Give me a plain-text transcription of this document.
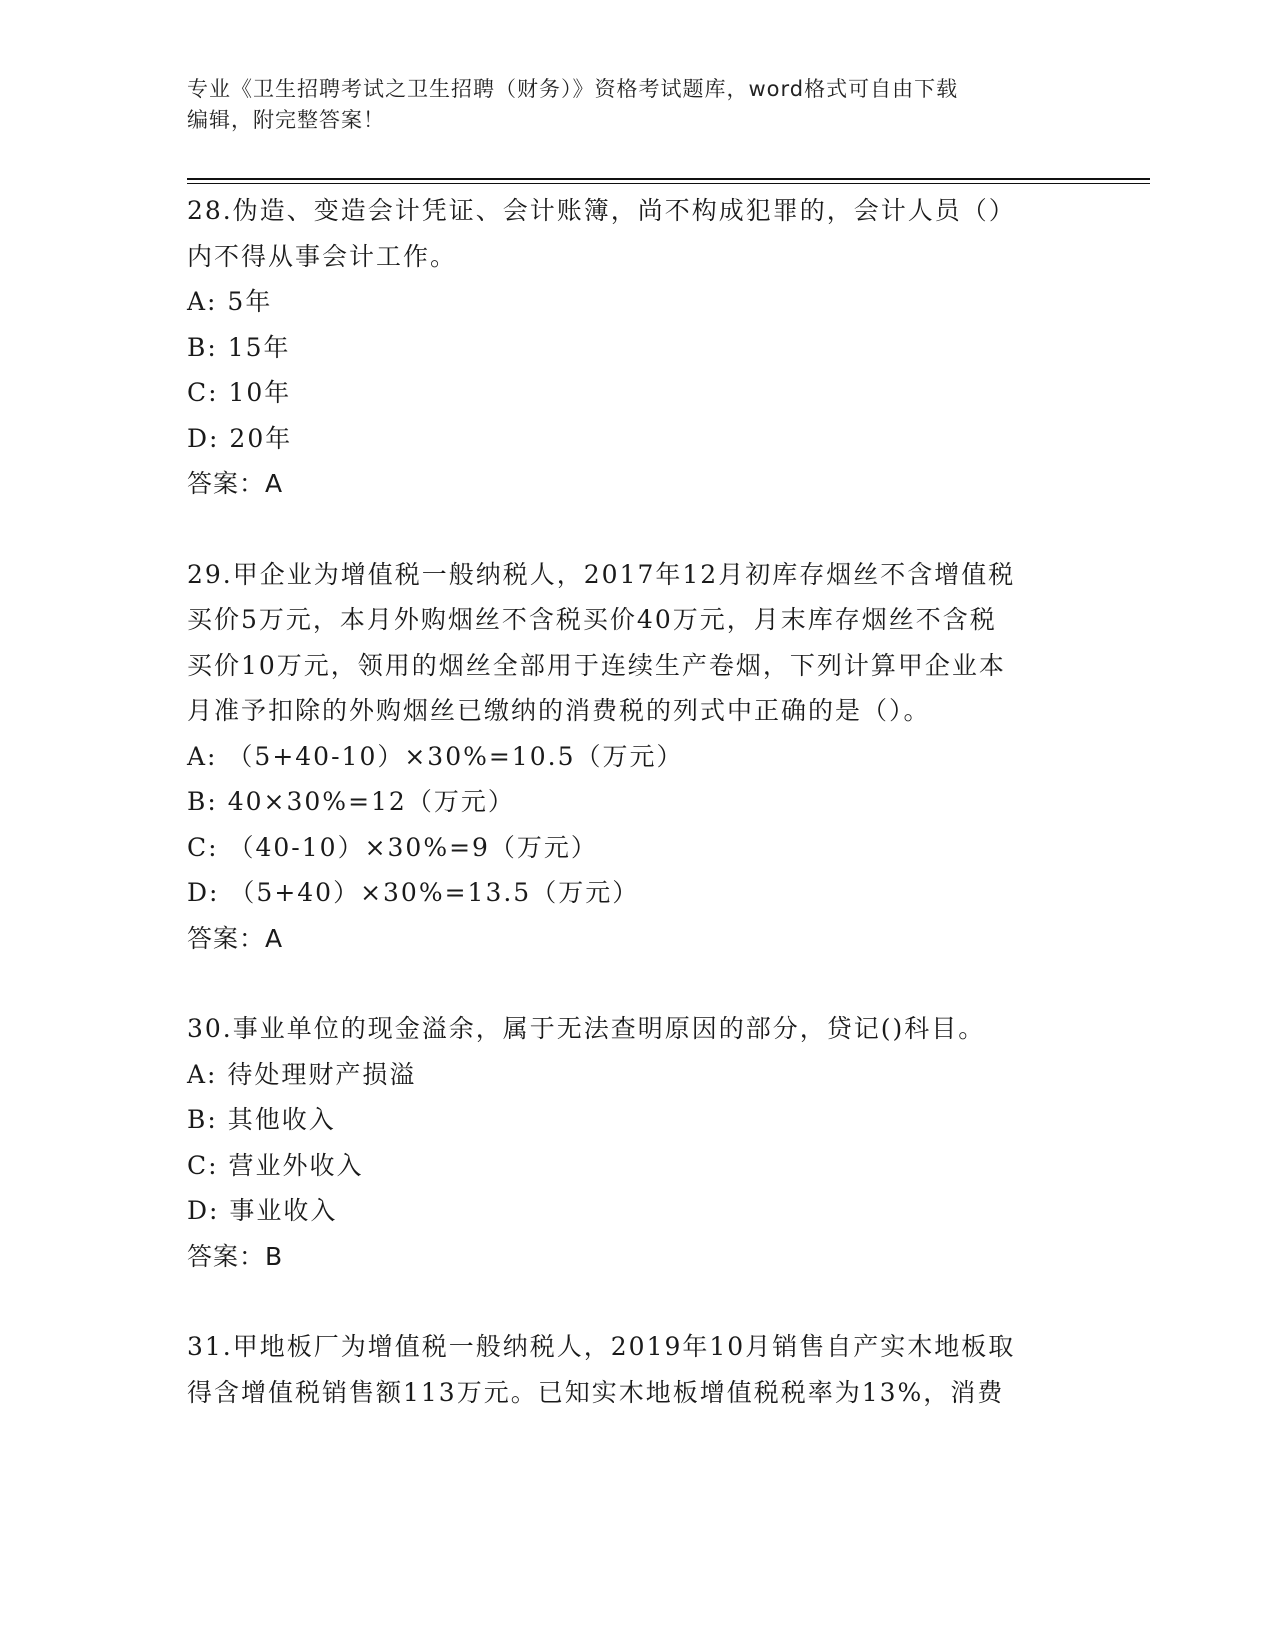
专业《卫生招聘考试之卫生招聘（财务）》资格考试题库，word格式可自由下载
编辑，附完整答案！
28.伪造、变造会计凭证、会计账簿，尚不构成犯罪的，会计人员（）
内不得从事会计工作。
A: 5年
B: 15年
C: 10年
D: 20年
答案：A
29.甲企业为增值税一般纳税人，2017年12月初库存烟丝不含增值税
买价5万元，本月外购烟丝不含税买价40万元，月末库存烟丝不含税
买价10万元，领用的烟丝全部用于连续生产卷烟，下列计算甲企业本
月准予扣除的外购烟丝已缴纳的消费税的列式中正确的是（）。
A: （5+40-10）×30%=10.5（万元）
B: 40×30%=12（万元）
C: （40-10）×30%=9（万元）
D: （5+40）×30%=13.5（万元）
答案：A
30.事业单位的现金溢余，属于无法查明原因的部分，贷记()科目。
A: 待处理财产损溢
B: 其他收入
C: 营业外收入
D: 事业收入
答案：B
31.甲地板厂为增值税一般纳税人，2019年10月销售自产实木地板取
得含增值税销售额113万元。已知实木地板增值税税率为13%，消费
